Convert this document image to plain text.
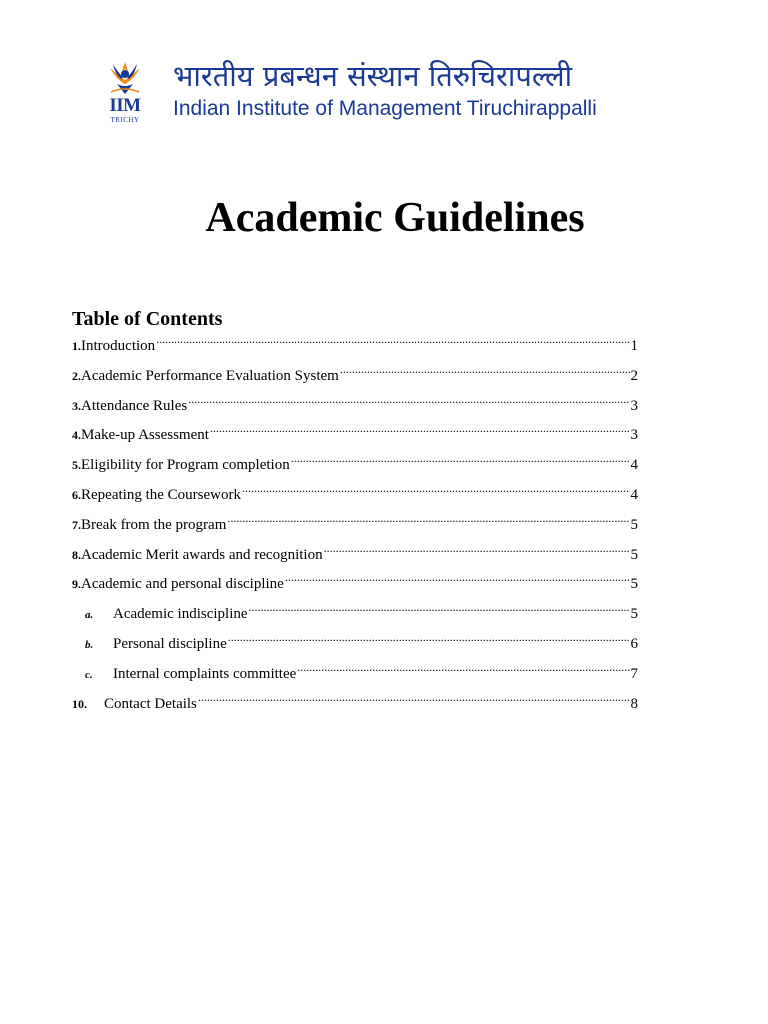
IIM
TRICHY
भारतीय प्रबन्धन संस्थान तिरुचिरापल्ली
Indian Institute of Management Tiruchirappalli
Academic Guidelines
Table of Contents
1. Introduction .....	1
2. Academic Performance Evaluation System .....	2
3. Attendance Rules .....	3
4. Make-up Assessment .....	3
5. Eligibility for Program completion .....	4
6. Repeating the Coursework .....	4
7. Break from the program .....	5
8. Academic Merit awards and recognition .....	5
9. Academic and personal discipline .....	5
a.	Academic indiscipline .....	5
b.	Personal discipline .....	6
c.	Internal complaints committee .....	7
10.	Contact Details .....	8
